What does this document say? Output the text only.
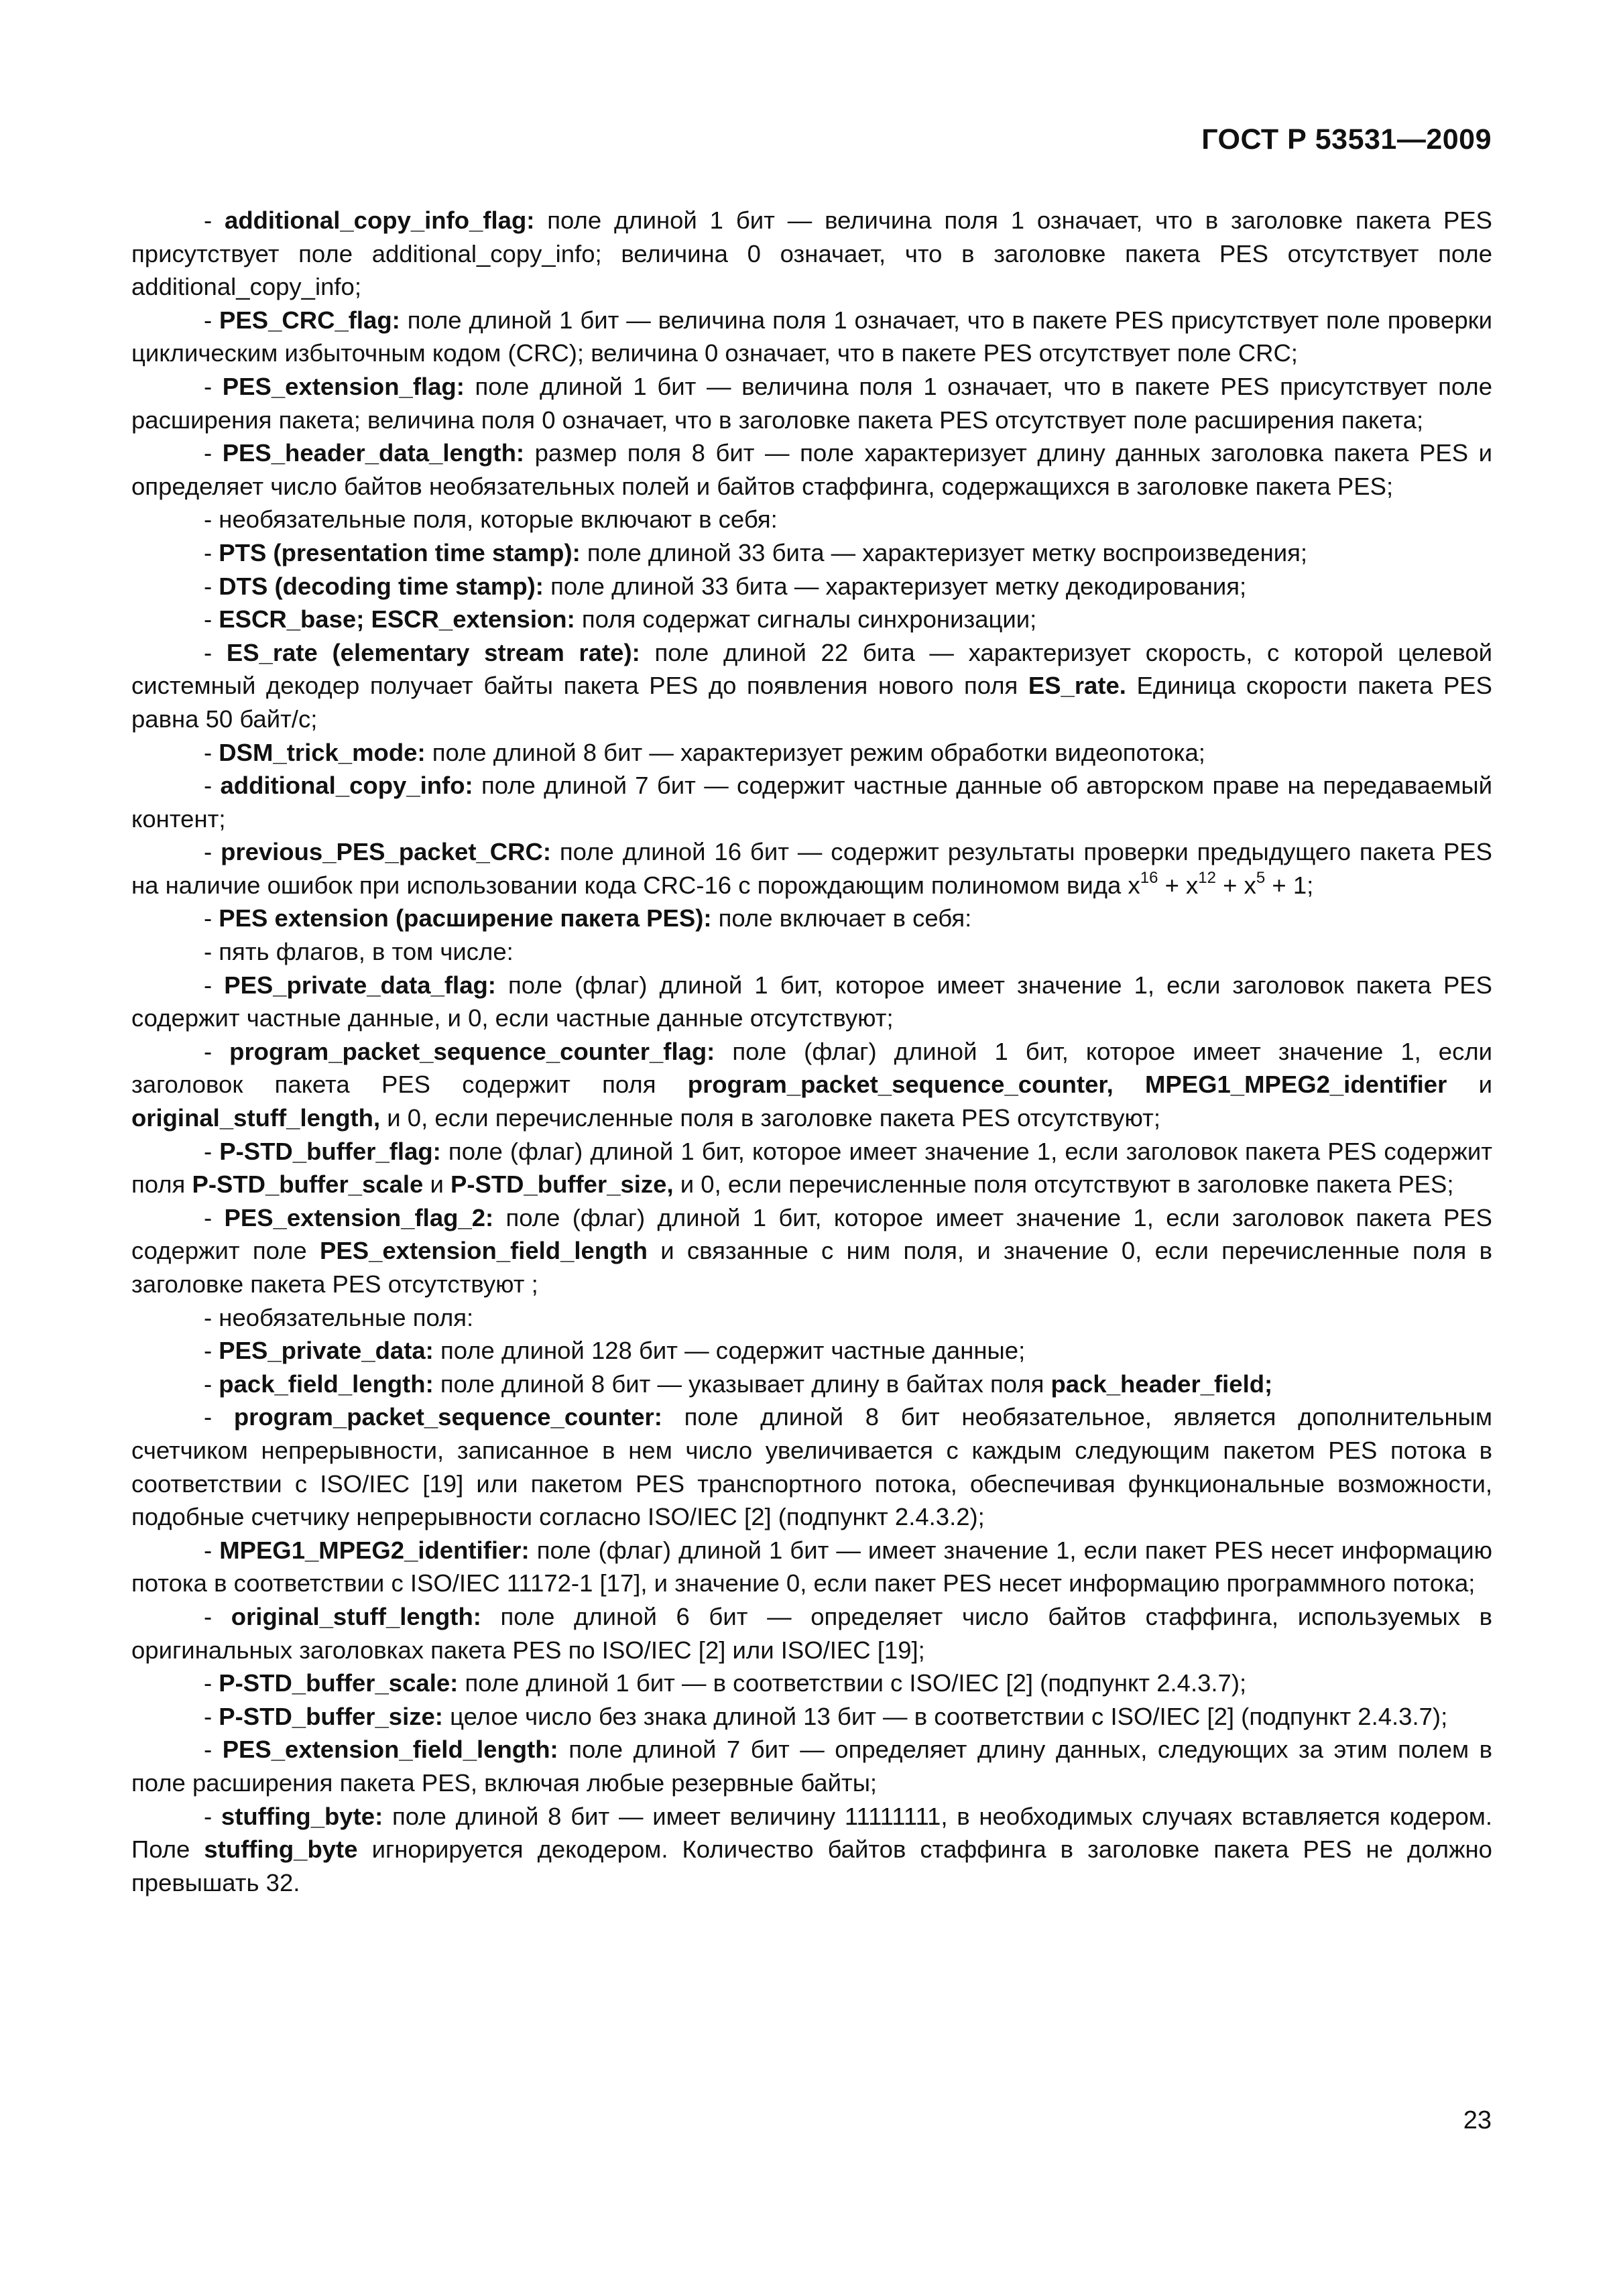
ГОСТ Р 53531—2009

- additional_copy_info_flag: поле длиной 1 бит — величина поля 1 означает, что в заголовке пакета PES присутствует поле additional_copy_info; величина 0 означает, что в заголовке пакета PES отсутствует поле additional_copy_info;

- PES_CRC_flag: поле длиной 1 бит — величина поля 1 означает, что в пакете PES присутствует поле проверки циклическим избыточным кодом (CRC); величина 0 означает, что в пакете PES отсутствует поле CRC;

- PES_extension_flag: поле длиной 1 бит — величина поля 1 означает, что в пакете PES присутствует поле расширения пакета; величина поля 0 означает, что в заголовке пакета PES отсутствует поле расширения пакета;

- PES_header_data_length: размер поля 8 бит — поле характеризует длину данных заголовка пакета PES и определяет число байтов необязательных полей и байтов стаффинга, содержащихся в заголовке пакета PES;

- необязательные поля, которые включают в себя:

- PTS (presentation time stamp): поле длиной 33 бита — характеризует метку воспроизведения;

- DTS (decoding time stamp): поле длиной 33 бита — характеризует метку декодирования;

- ESCR_base; ESCR_extension: поля содержат сигналы синхронизации;

- ES_rate (elementary stream rate): поле длиной 22 бита — характеризует скорость, с которой целевой системный декодер получает байты пакета PES до появления нового поля ES_rate. Единица скорости пакета PES равна 50 байт/с;

- DSM_trick_mode: поле длиной 8 бит — характеризует режим обработки видеопотока;

- additional_copy_info: поле длиной 7 бит — содержит частные данные об авторском праве на передаваемый контент;

- previous_PES_packet_CRC: поле длиной 16 бит — содержит результаты проверки предыдущего пакета PES на наличие ошибок при использовании кода CRC-16 с порождающим полиномом вида $x^{16} + x^{12} + x^5 + 1$;

- PES extension (расширение пакета PES): поле включает в себя:

- пять флагов, в том числе:

- PES_private_data_flag: поле (флаг) длиной 1 бит, которое имеет значение 1, если заголовок пакета PES содержит частные данные, и 0, если частные данные отсутствуют;

- program_packet_sequence_counter_flag: поле (флаг) длиной 1 бит, которое имеет значение 1, если заголовок пакета PES содержит поля program_packet_sequence_counter, MPEG1_MPEG2_identifier и original_stuff_length, и 0, если перечисленные поля в заголовке пакета PES отсутствуют;

- P-STD_buffer_flag: поле (флаг) длиной 1 бит, которое имеет значение 1, если заголовок пакета PES содержит поля P-STD_buffer_scale и P-STD_buffer_size, и 0, если перечисленные поля отсутствуют в заголовке пакета PES;

- PES_extension_flag_2: поле (флаг) длиной 1 бит, которое имеет значение 1, если заголовок пакета PES содержит поле PES_extension_field_length и связанные с ним поля, и значение 0, если перечисленные поля в заголовке пакета PES отсутствуют ;

- необязательные поля:

- PES_private_data: поле длиной 128 бит — содержит частные данные;

- pack_field_length: поле длиной 8 бит — указывает длину в байтах поля pack_header_field;

- program_packet_sequence_counter: поле длиной 8 бит необязательное, является дополнительным счетчиком непрерывности, записанное в нем число увеличивается с каждым следующим пакетом PES потока в соответствии с ISO/IEC [19] или пакетом PES транспортного потока, обеспечивая функциональные возможности, подобные счетчику непрерывности согласно ISO/IEC [2] (подпункт 2.4.3.2);

- MPEG1_MPEG2_identifier: поле (флаг) длиной 1 бит — имеет значение 1, если пакет PES несет информацию потока в соответствии с ISO/IEC 11172-1 [17], и значение 0, если пакет PES несет информацию программного потока;

- original_stuff_length: поле длиной 6 бит — определяет число байтов стаффинга, используемых в оригинальных заголовках пакета PES по ISO/IEC [2] или ISO/IEC [19];

- P-STD_buffer_scale: поле длиной 1 бит — в соответствии с ISO/IEC [2] (подпункт 2.4.3.7);

- P-STD_buffer_size: целое число без знака длиной 13 бит — в соответствии с ISO/IEC [2] (подпункт 2.4.3.7);

- PES_extension_field_length: поле длиной 7 бит — определяет длину данных, следующих за этим полем в поле расширения пакета PES, включая любые резервные байты;

- stuffing_byte: поле длиной 8 бит — имеет величину 11111111, в необходимых случаях вставляется кодером. Поле stuffing_byte игнорируется декодером. Количество байтов стаффинга в заголовке пакета PES не должно превышать 32.

23
